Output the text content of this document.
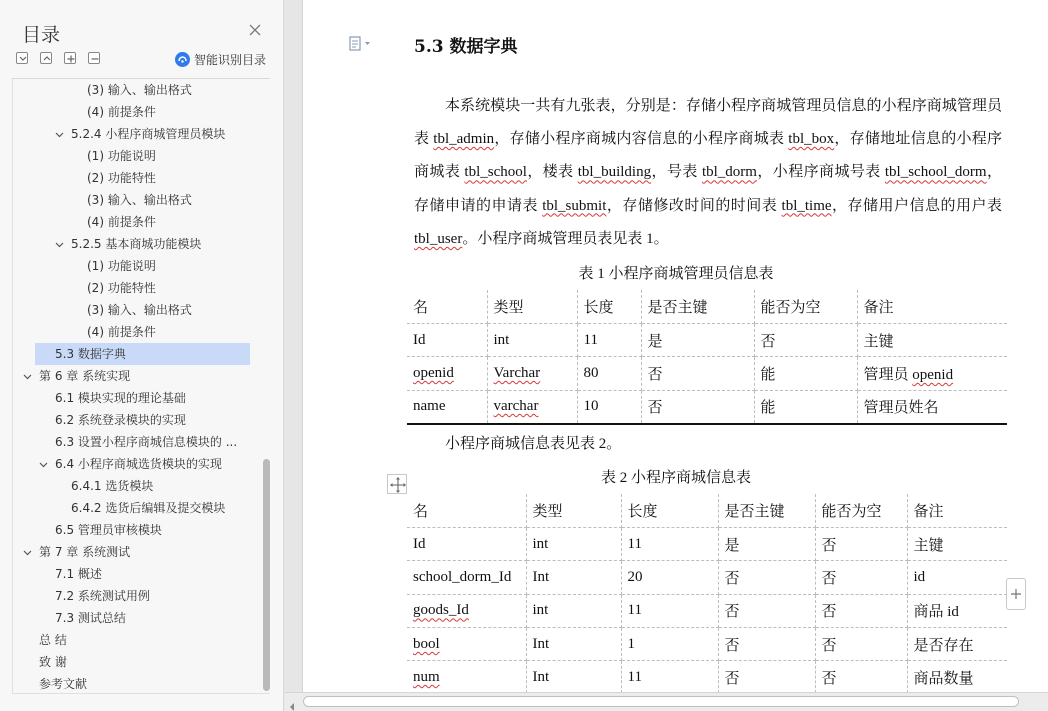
目录
智能识别目录
(3) 输入、输出格式
(4) 前提条件
5.2.4 小程序商城管理员模块
(1) 功能说明
(2) 功能特性
(3) 输入、输出格式
(4) 前提条件
5.2.5 基本商城功能模块
(1) 功能说明
(2) 功能特性
(3) 输入、输出格式
(4) 前提条件
5.3 数据字典
第 6 章 系统实现
6.1 模块实现的理论基础
6.2 系统登录模块的实现
6.3 设置小程序商城信息模块的 ...
6.4 小程序商城选货模块的实现
6.4.1 选货模块
6.4.2 选货后编辑及提交模块
6.5 管理员审核模块
第 7 章 系统测试
7.1 概述
7.2 系统测试用例
7.3 测试总结
总 结
致 谢
参考文献
5.3 数据字典
本系统模块一共有九张表，分别是：存储小程序商城管理员信息的小程序商城管理员表 tbl_admin，存储小程序商城内容信息的小程序商城表 tbl_box，存储地址信息的小程序商城表 tbl_school，楼表 tbl_building，号表 tbl_dorm，小程序商城号表 tbl_school_dorm，存储申请的申请表 tbl_submit，存储修改时间的时间表 tbl_time，存储用户信息的用户表 tbl_user。小程序商城管理员表见表 1。
表 1 小程序商城管理员信息表
名	类型	长度	是否主键	能否为空	备注
Id	int	11	是	否	主键
openid	Varchar	80	否	能	管理员 openid
name	varchar	10	否	能	管理员姓名
小程序商城信息表见表 2。
表 2 小程序商城信息表
名	类型	长度	是否主键	能否为空	备注
Id	int	11	是	否	主键
school_dorm_Id	Int	20	否	否	id
goods_Id	int	11	否	否	商品 id
bool	Int	1	否	否	是否存在
num	Int	11	否	否	商品数量
